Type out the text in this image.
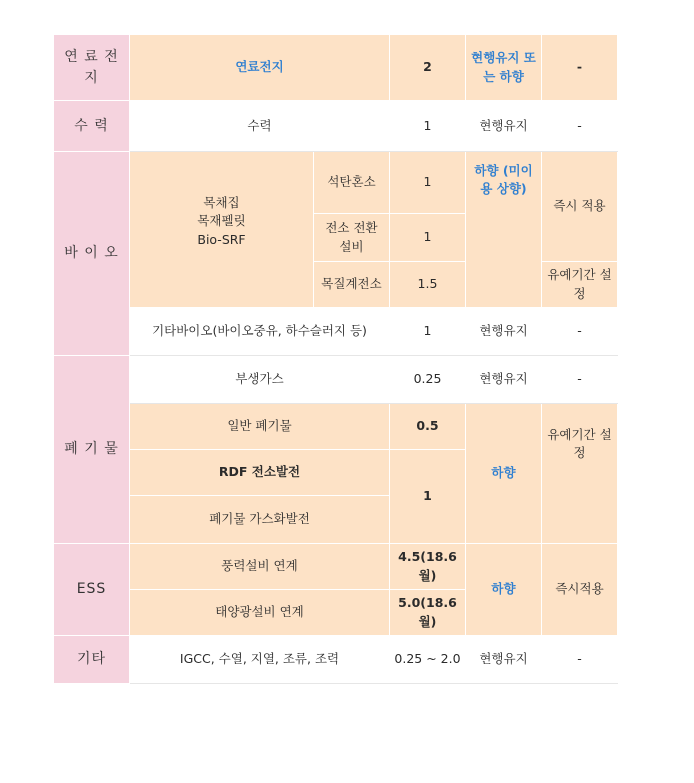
연 료 전 지	연료전지		2	현행유지 또는 하향	-
수 력	수력		1	현행유지	-
바 이 오	목채집
목재펠릿
Bio-SRF	석탄혼소	1	하향 (미이용 상향)	즉시 적용
		전소 전환 설비	1		
		목질계전소	1.5		유예기간 설정
	기타바이오(바이오중유, 하수슬러지 등)		1	현행유지	-
폐 기 물	부생가스		0.25	현행유지	-
	일반 폐기물		0.5	하향	유예기간 설정
	RDF 전소발전		1		
	폐기물 가스화발전				
ESS	풍력설비 연계		4.5(18.6월)	하향	즉시적용
	태양광설비 연계		5.0(18.6월)		
기타	IGCC, 수열, 지열, 조류, 조력		0.25 ~ 2.0	현행유지	-
